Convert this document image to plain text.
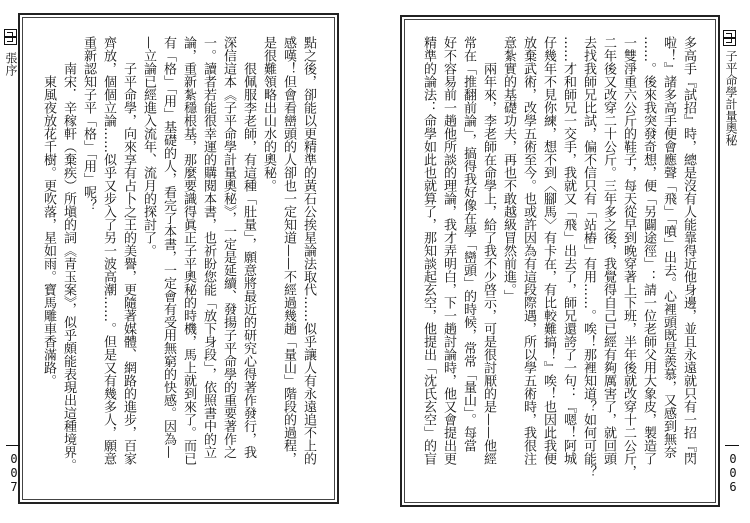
張序
007
子平命學計量奧秘
006
點之後，卻能以更精準的黃石公挨星論法取代……似乎讓人有永遠追不上的
感嘆！但會看巒頭的人卻也一定知道——不經過幾趟「量山」階段的過程，
是很難領略出山水的奧秘。
很佩服李老師，有這種「肚量」，願意將最近的研究心得著作發行，我
深信這本《子平命學計量奧秘》，一定是延續、發揚子平命學的重要著作之
一。讀者若能很幸運的購閱本書，也祈盼您能「放下身段」，依照書中的立
論，重新紮穩根基，那麼要識得眞正子平奧秘的時機，馬上就到來了。而已
有「格」「用」基礎的人，看完了本書，一定會有受用無窮的快感。因為—
—立論已經進入流年、流月的探討了。
子平命學，向來享有占卜之王的美譽，更隨著媒體、網路的進步，百家
齊放，個個立論……似乎又步入了另一波高潮……。但是又有幾多人，願意
重新認知子平「格」「用」呢？
南宋．辛稼軒（棄疾）所塡的詞《青玉案》，似乎頗能表現出這種境界。
東風夜放花千樹。更吹落，星如雨。寶馬雕車香滿路。	多高手『試招』時，總是沒有人能靠得近他身邊，並且永遠就只有一招『閃
啦！』諸多高手便會應聲「飛」「噴」出去。心裡頭既是羨慕，又感到無奈
……。後來我突發奇想，便「另闢途徑」：請一位老師父用大象皮，製造了
一雙淨重六公斤的鞋子，每天從早到晚穿著上下班，半年後就改穿十二公斤，
二年後又改穿二十公斤。三年多之後，我覺得自己已經有夠厲害了，就回頭
去找我師兄比試，偏不信只有「站樁」有用……。唉！那裡知道？如何可能？
……才和師兄一交手，我就又「飛」出去了，師兄還誇了一句：『嗯！阿城
仔幾年不見你練，想不到〈腳馬〉有卡在，有比較難搞！』唉！也因此我便
放棄武術，改學五術至今。也或許因為有這段際遇，所以學五術時，我很注
意紮實的基礎功夫，再也不敢越級冒然前進。」
兩年來，李老師在命學上，給了我不少啓示，可是很討厭的是——他經
常在「推翻前論」，搞得我好像在學「巒頭」的時候，常常「量山」。每當
好不容易前一趟他所談的理論，我才弄明白，下一趟討論時，他又會提出更
精準的論法：命學如此也就算了，那知談起玄空，他提出「沈氏玄空」的盲
